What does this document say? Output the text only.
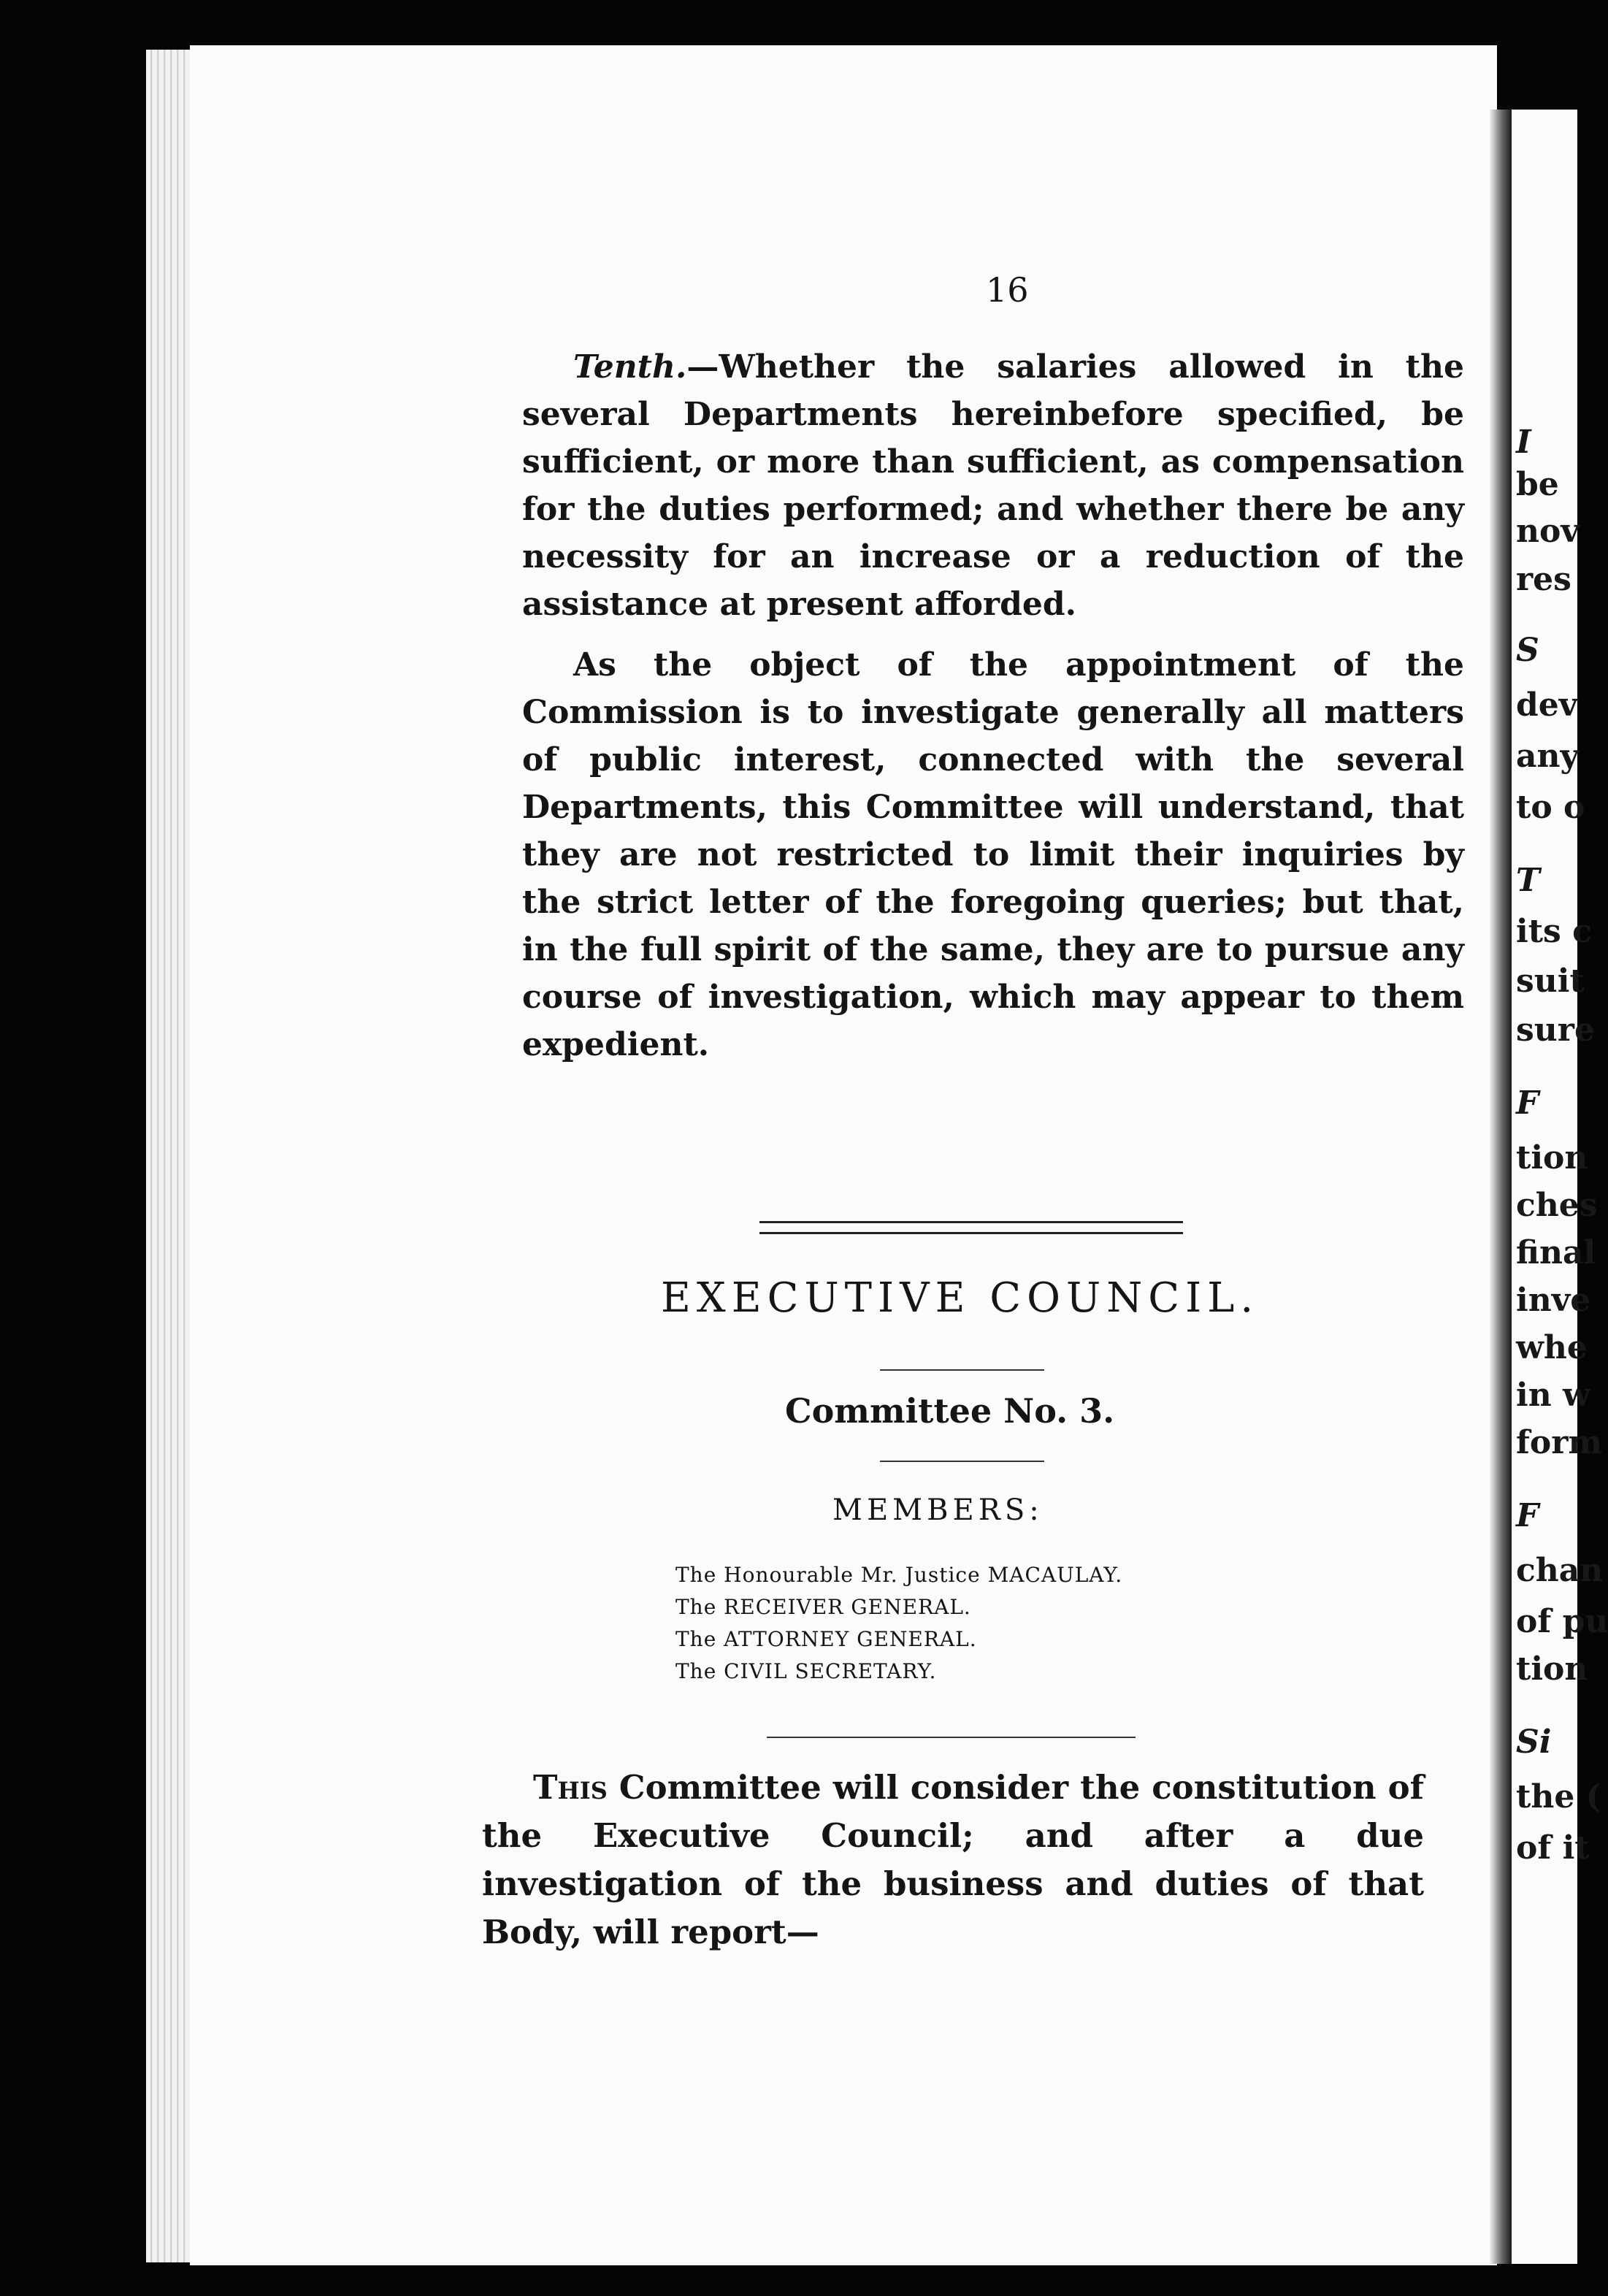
I
be
nov
res
S
dev
any
to o
T
its c
suit
sure
F
tion
ches
final
inve
whe
in w
form
F
chan
of pu
tion
Si
the (
of it
16

Tenth.—Whether the salaries allowed in the several Departments hereinbefore specified, be sufficient, or more than sufficient, as compensation for the duties performed; and whether there be any necessity for an increase or a reduction of the assistance at present afforded.

As the object of the appointment of the Commission is to investigate generally all matters of public interest, connected with the several Departments, this Committee will understand, that they are not restricted to limit their inquiries by the strict letter of the foregoing queries; but that, in the full spirit of the same, they are to pursue any course of investigation, which may appear to them expedient.

EXECUTIVE COUNCIL.
Committee No. 3.
MEMBERS:
The Honourable Mr. Justice MACAULAY.
The RECEIVER GENERAL.
The ATTORNEY GENERAL.
The CIVIL SECRETARY.

This Committee will consider the constitution of the Executive Council; and after a due investigation of the business and duties of that Body, will report—
